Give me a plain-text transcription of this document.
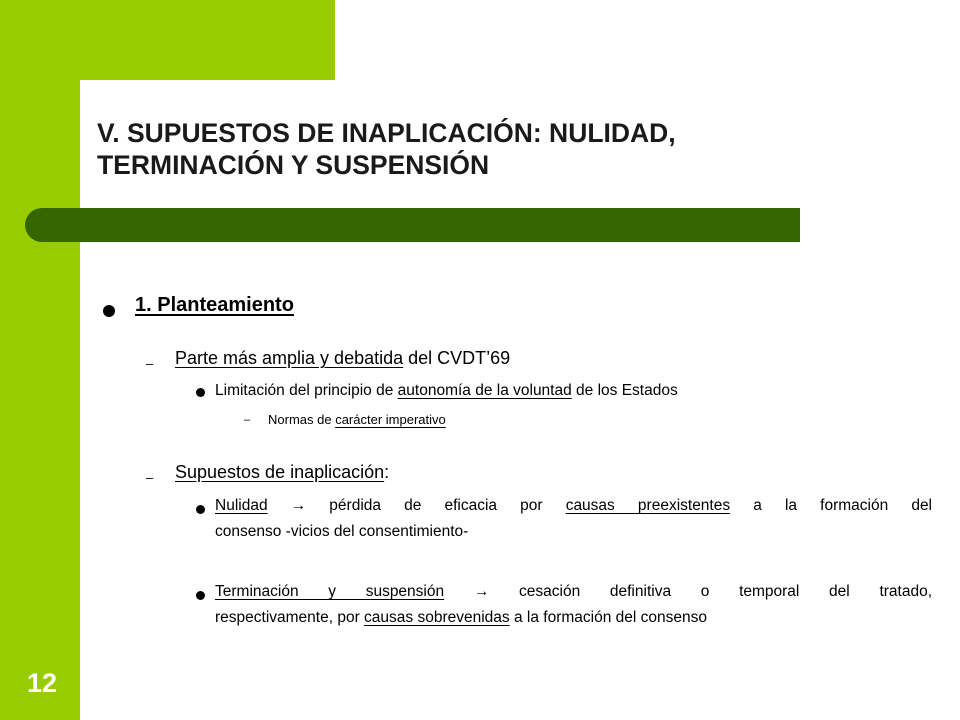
V. SUPUESTOS DE INAPLICACIÓN: NULIDAD,
TERMINACIÓN Y SUSPENSIÓN
1. Planteamiento
– Parte más amplia y debatida del CVDT’69
Limitación del principio de autonomía de la voluntad de los Estados
– Normas de carácter imperativo
– Supuestos de inaplicación:
Nulidad → pérdida de eficacia por causas preexistentes a la formación del
consenso -vicios del consentimiento-
Terminación y suspensión → cesación definitiva o temporal del tratado,
respectivamente, por causas sobrevenidas a la formación del consenso
12
